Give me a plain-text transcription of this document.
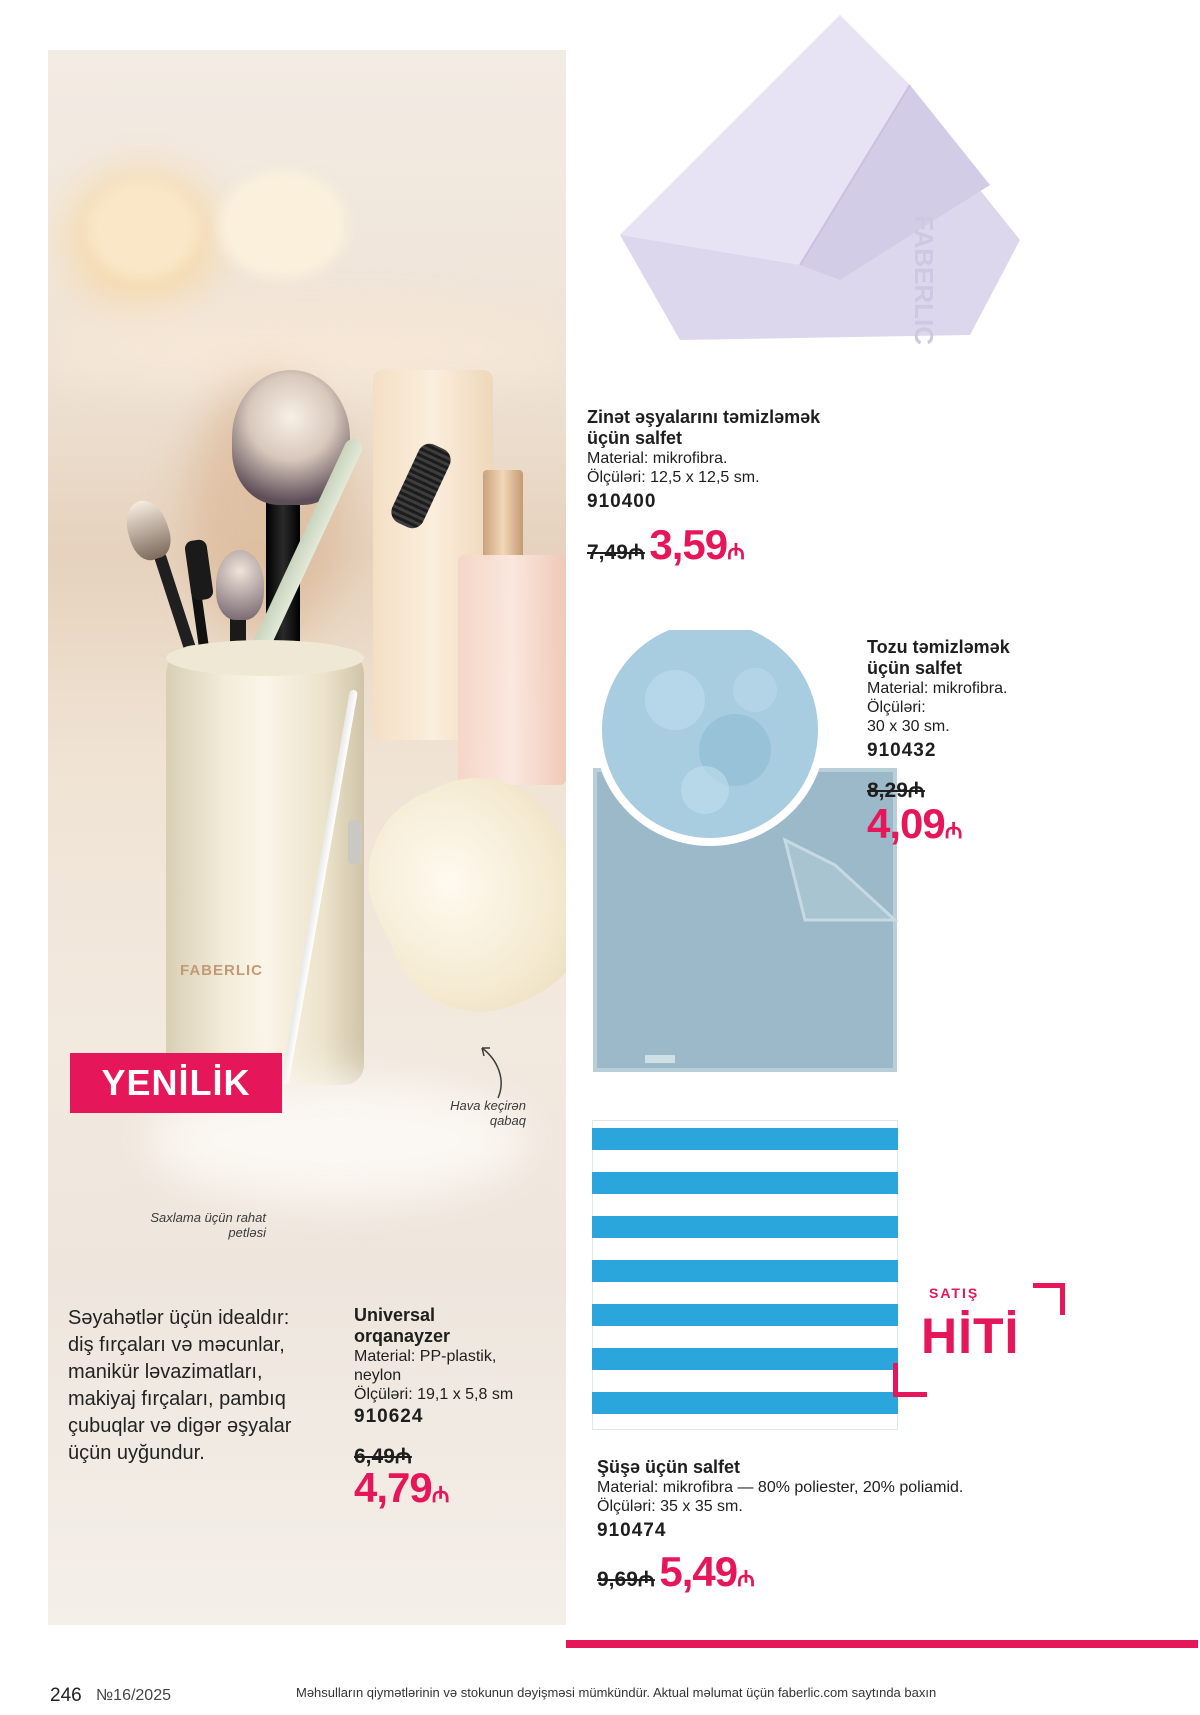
FABERLIC
YENİLİK
Hava keçirən qabaq
Saxlama üçün rahat petləsi
Səyahətlər üçün idealdır: diş fırçaları və məcunlar, manikür ləvazimatları, makiyaj fırçaları, pambıq çubuqlar və digər əşyalar üçün uyğundur.
Universal orqanayzer
Material: PP-plastik, neylon
Ölçüləri: 19,1 x 5,8 sm
910624
6,49₼
4,79₼
FABERLIC
Zinət əşyalarını təmizləmək üçün salfet
Material: mikrofibra.
Ölçüləri: 12,5 x 12,5 sm.
910400
7,49₼ 3,59₼
Tozu təmizləmək üçün salfet
Material: mikrofibra.
Ölçüləri:
30 x 30 sm.
910432
8,29₼
4,09₼
Şüşə üçün salfet
Material: mikrofibra — 80% poliester, 20% poliamid.
Ölçüləri: 35 x 35 sm.
910474
9,69₼ 5,49₼
SATIŞ
HİTİ
246 №16/2025	Məhsulların qiymətlərinin və stokunun dəyişməsi mümkündür. Aktual məlumat üçün faberlic.com saytında baxın
